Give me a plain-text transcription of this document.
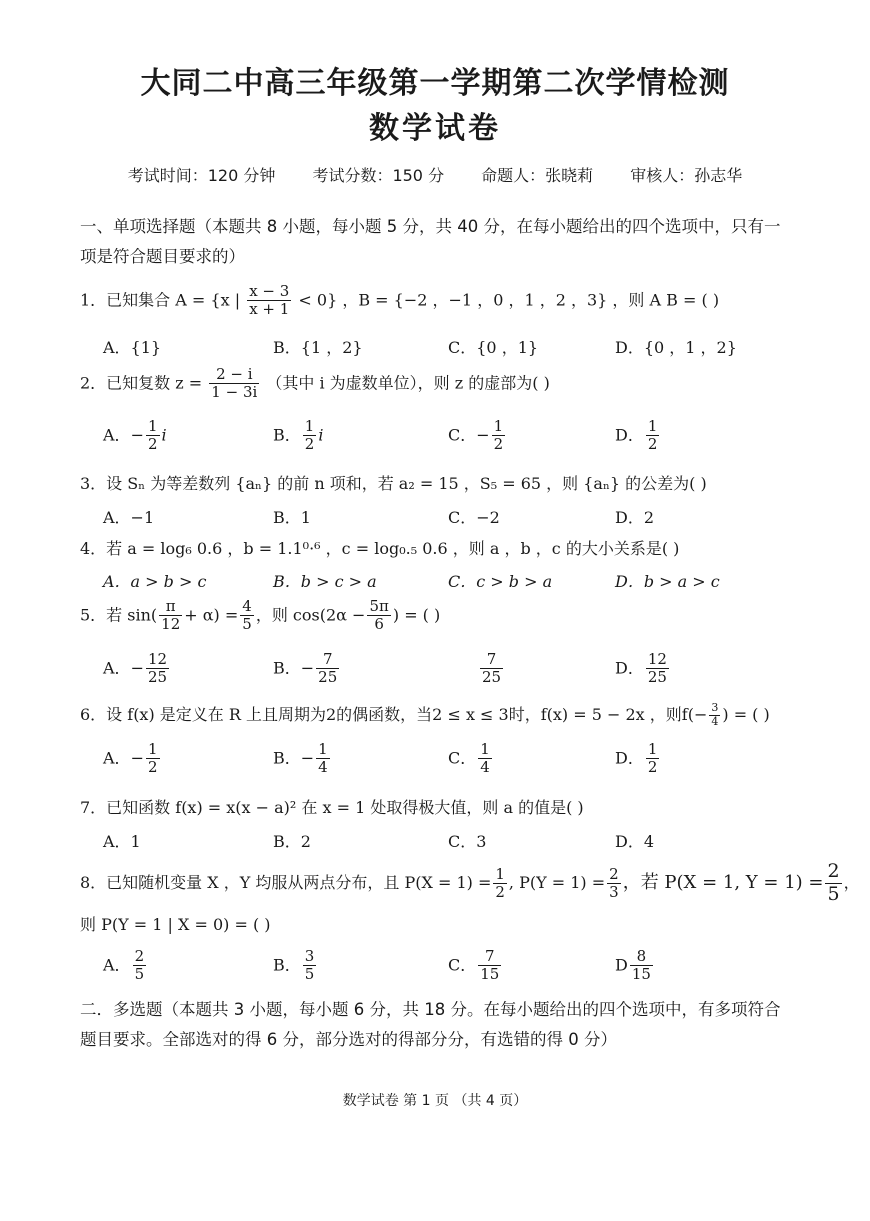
大同二中高三年级第一学期第二次学情检测
数学试卷
考试时间：120 分钟 考试分数：150 分 命题人：张晓莉 审核人：孙志华
一、单项选择题（本题共 8 小题，每小题 5 分，共 40 分，在每小题给出的四个选项中，只有一
项是符合题目要求的）
1．已知集合 A = {x | $\frac{x - 3}{x + 1} < 0$} ，B = {−2 ，−1 ，0 ，1 ，2 ，3} ，则 A B = ( )
A．{1}	B．{1 ，2}	C．{0 ，1}	D．{0 ，1 ，2}
2．已知复数 $z = \frac{2 - i}{1 - 3i}$ （其中 i 为虚数单位），则 z 的虚部为( )
A．− $\frac{1}{2}$ i	B． $\frac{1}{2}$ i	C．− $\frac{1}{2}$	D． $\frac{1}{2}$
3．设 Sₙ 为等差数列 {aₙ} 的前 n 项和，若 a₂ = 15 ，S₅ = 65 ，则 {aₙ} 的公差为( )
A．−1	B．1	C．−2	D．2
4．若 a = log₆ 0.6 ，b = 1.1⁰·⁶ ，c = log₀.₅ 0.6 ，则 a ，b ，c 的大小关系是( )
A．a > b > c	B．b > c > a	C．c > b > a	D．b > a > c
5．若 $\sin( \frac{\pi}{12} + \alpha) = \frac{4}{5}$ ，则 $\cos(2\alpha - \frac{5\pi}{6}$ ) = ( )
A．− $\frac{12}{25}$	B．− $\frac{7}{25}$	$\frac{7}{25}$	D． $\frac{12}{25}$
6．设 f(x) 是定义在 R 上且周期为2的偶函数，当2 ≤ x ≤ 3时，f(x) = 5 − 2x ，则$f(- \frac{3}{4}$ ) = ( )
A．− $\frac{1}{2}$	B．− $\frac{1}{4}$	C． $\frac{1}{4}$	D． $\frac{1}{2}$
7．已知函数 f(x) = x(x − a)² 在 x = 1 处取得极大值，则 a 的值是( )
A．1	B．2	C．3	D．4
8．已知随机变量 X ，Y 均服从两点分布，且 $P(X = 1) = \frac{1}{2}$ , $P(Y = 1) = \frac{2}{3}$ ，若 P(X = 1, $Y = 1) = \frac{2}{5}$ ，
则 P(Y = 1 | X = 0) = ( )
A． $\frac{2}{5}$	B． $\frac{3}{5}$	C． $\frac{7}{15}$	D $\frac{8}{15}$
二．多选题（本题共 3 小题，每小题 6 分，共 18 分。在每小题给出的四个选项中，有多项符合
题目要求。全部选对的得 6 分，部分选对的得部分分，有选错的得 0 分）
数学试卷 第 1 页 （共 4 页）
